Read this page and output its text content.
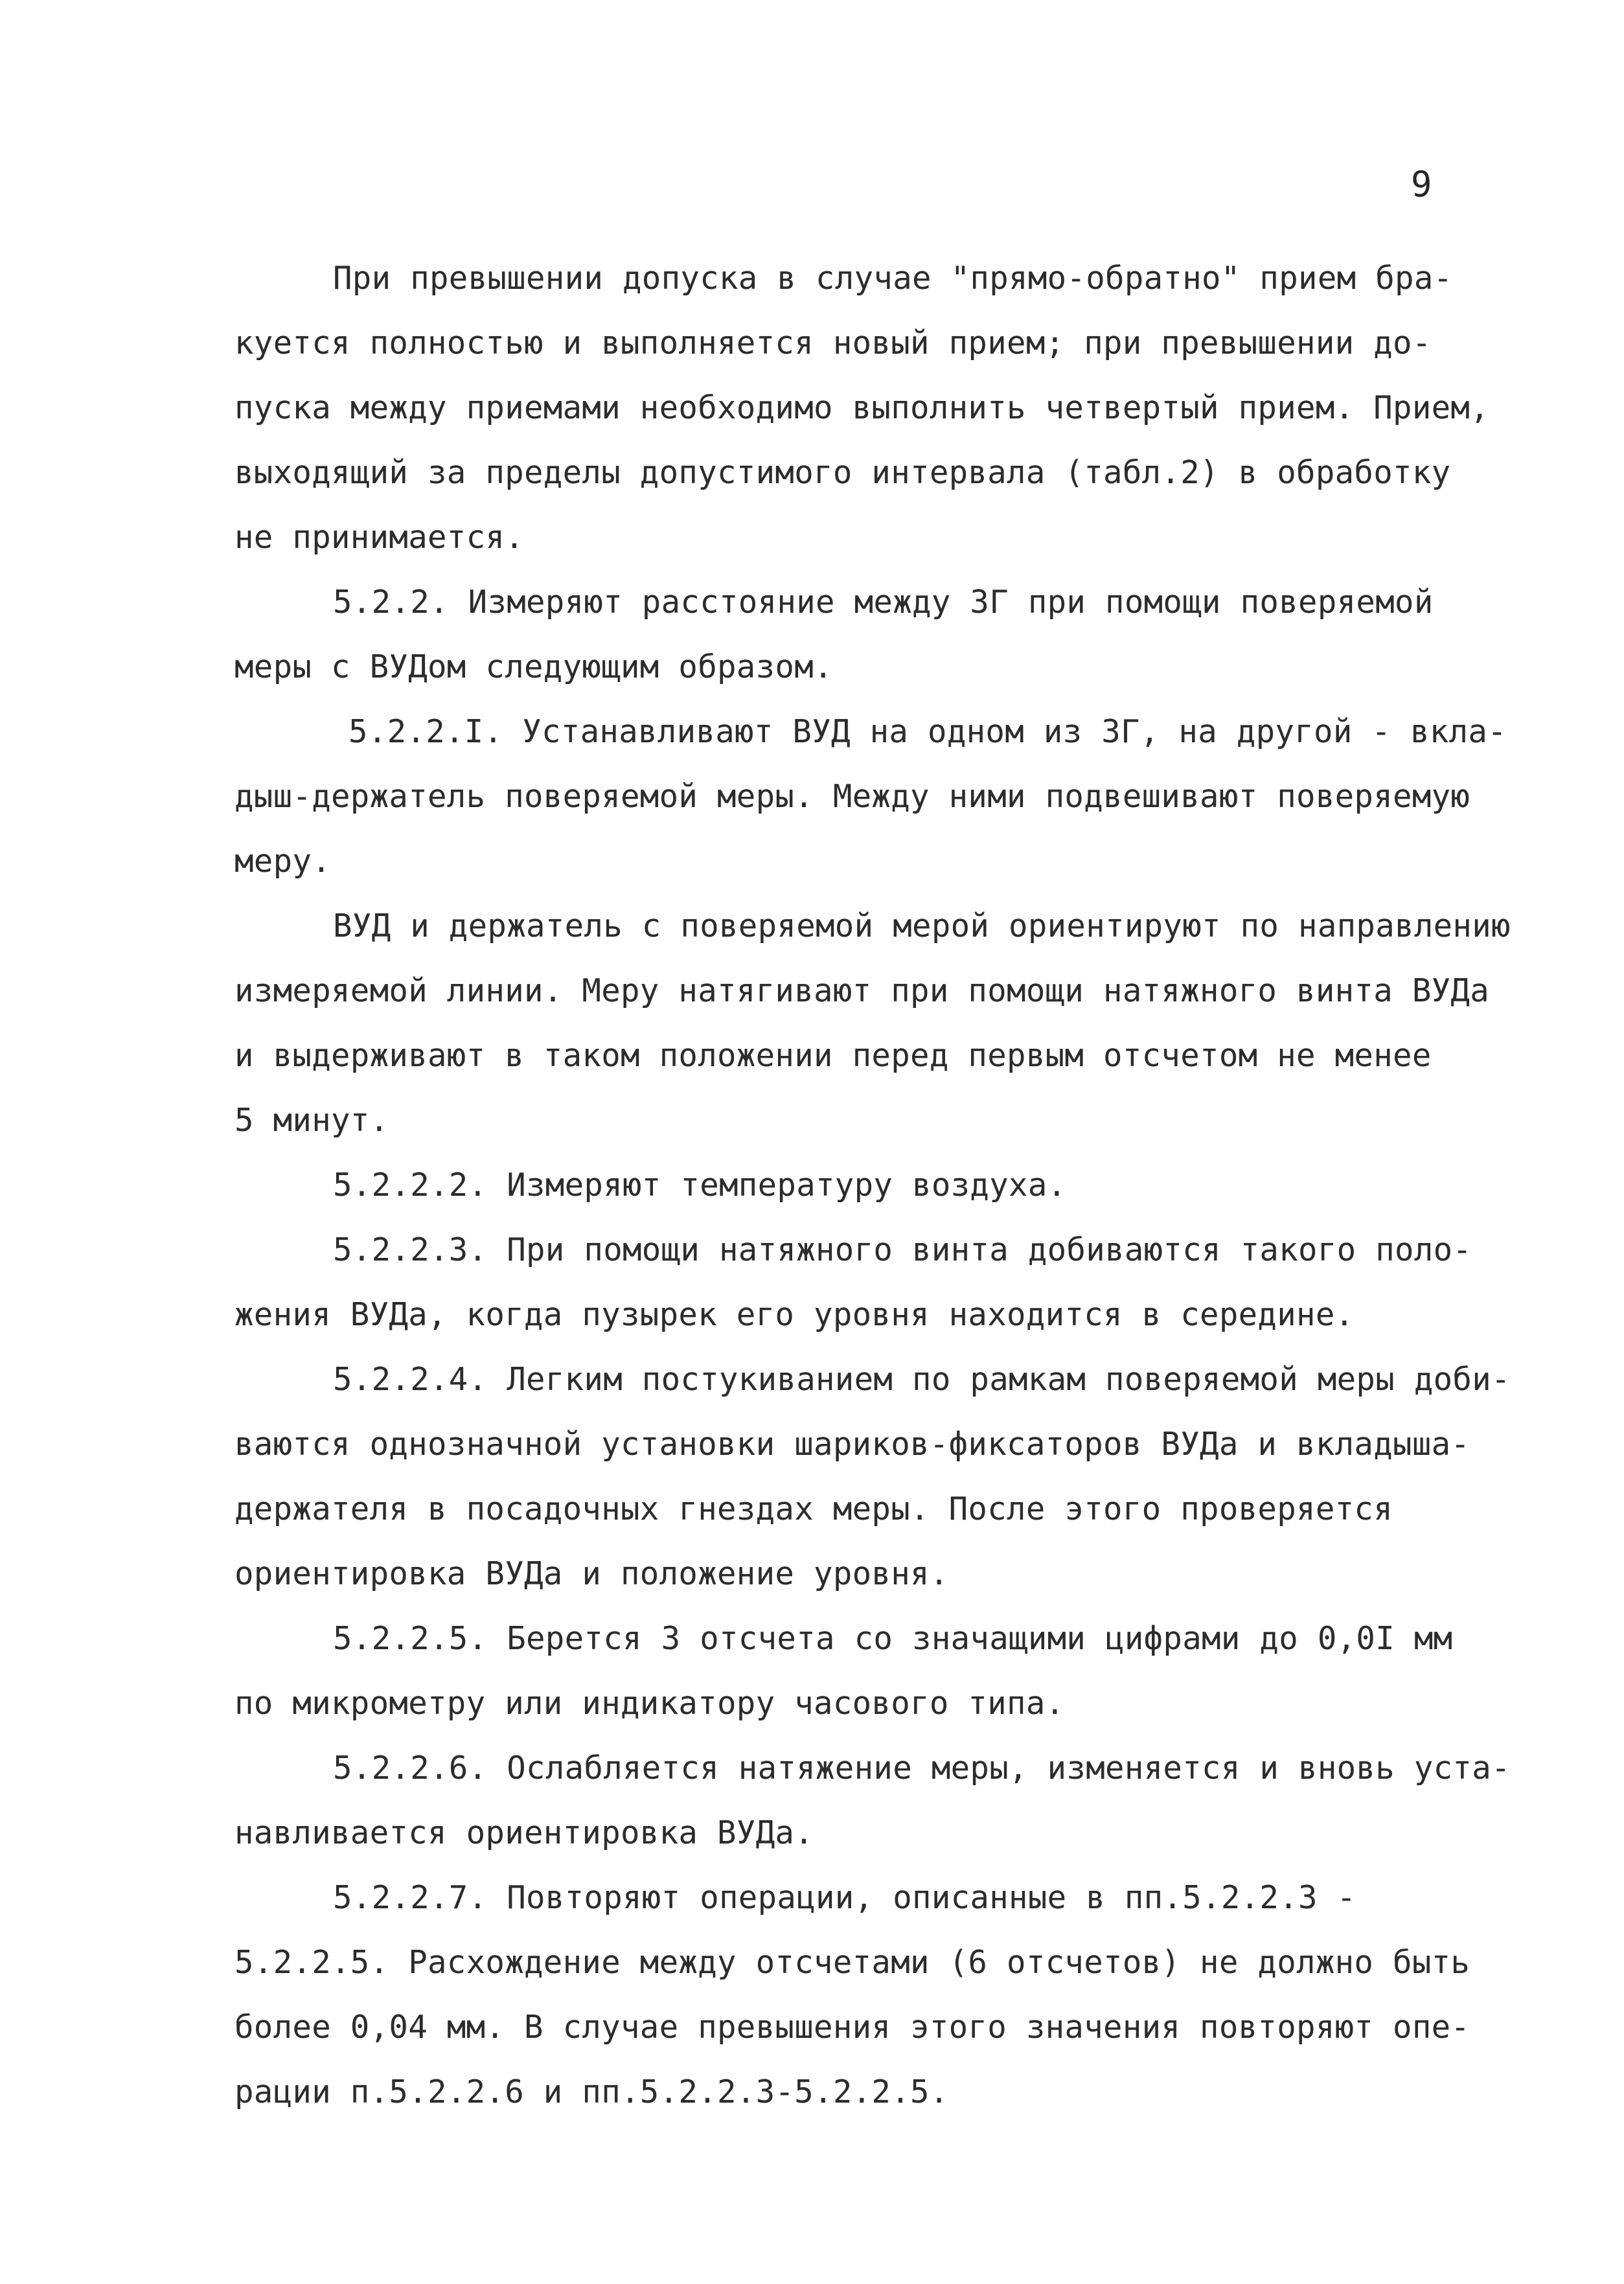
9
При превышении допуска в случае "прямо-обратно" прием бра-
куется полностью и выполняется новый прием; при превышении до-
пуска между приемами необходимо выполнить четвертый прием. Прием,
выходящий за пределы допустимого интервала (табл.2) в обработку
не принимается.
5.2.2. Измеряют расстояние между ЗГ при помощи поверяемой
меры с ВУДом следующим образом.
5.2.2.I. Устанавливают ВУД на одном из ЗГ, на другой - вкла-
дыш-держатель поверяемой меры. Между ними подвешивают поверяемую
меру.
ВУД и держатель с поверяемой мерой ориентируют по направлению
измеряемой линии. Меру натягивают при помощи натяжного винта ВУДа
и выдерживают в таком положении перед первым отсчетом не менее
5 минут.
5.2.2.2. Измеряют температуру воздуха.
5.2.2.3. При помощи натяжного винта добиваются такого поло-
жения ВУДа, когда пузырек его уровня находится в середине.
5.2.2.4. Легким постукиванием по рамкам поверяемой меры доби-
ваются однозначной установки шариков-фиксаторов ВУДа и вкладыша-
держателя в посадочных гнездах меры. После этого проверяется
ориентировка ВУДа и положение уровня.
5.2.2.5. Берется 3 отсчета со значащими цифрами до 0,0I мм
по микрометру или индикатору часового типа.
5.2.2.6. Ослабляется натяжение меры, изменяется и вновь уста-
навливается ориентировка ВУДа.
5.2.2.7. Повторяют операции, описанные в пп.5.2.2.3 -
5.2.2.5. Расхождение между отсчетами (6 отсчетов) не должно быть
более 0,04 мм. В случае превышения этого значения повторяют опе-
рации п.5.2.2.6 и пп.5.2.2.3-5.2.2.5.
